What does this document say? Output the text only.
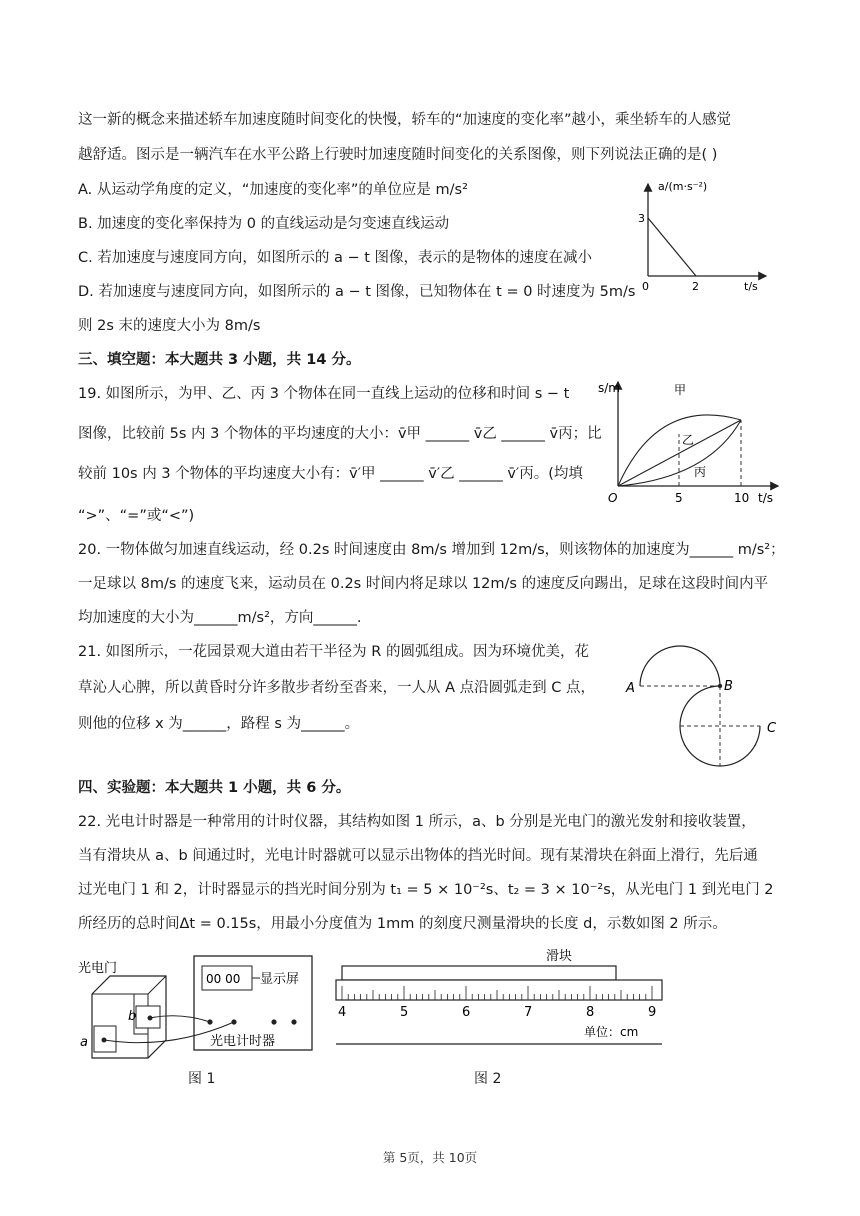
这一新的概念来描述轿车加速度随时间变化的快慢，轿车的“加速度的变化率”越小，乘坐轿车的人感觉
越舒适。图示是一辆汽车在水平公路上行驶时加速度随时间变化的关系图像，则下列说法正确的是( )
A. 从运动学角度的定义，“加速度的变化率”的单位应是 m/s²
B. 加速度的变化率保持为 0 的直线运动是匀变速直线运动
C. 若加速度与速度同方向，如图所示的 a − t 图像，表示的是物体的速度在减小
D. 若加速度与速度同方向，如图所示的 a − t 图像，已知物体在 t = 0 时速度为 5m/s
则 2s 末的速度大小为 8m/s
a/(m·s⁻²)
t/s
0
3
2
三、填空题：本大题共 3 小题，共 14 分。
19. 如图所示，为甲、乙、丙 3 个物体在同一直线上运动的位移和时间 s − t
图像，比较前 5s 内 3 个物体的平均速度的大小：v̄甲 ______ v̄乙 ______ v̄丙；比
较前 10s 内 3 个物体的平均速度大小有：v̄′甲 ______ v̄′乙 ______ v̄′丙。(均填
“>”、“=”或“<”)
s/m
t/s
O	5	10
甲
乙
丙
20. 一物体做匀加速直线运动，经 0.2s 时间速度由 8m/s 增加到 12m/s，则该物体的加速度为______ m/s²；
一足球以 8m/s 的速度飞来，运动员在 0.2s 时间内将足球以 12m/s 的速度反向踢出，足球在这段时间内平
均加速度的大小为______m/s²，方向______.
21. 如图所示，一花园景观大道由若干半径为 R 的圆弧组成。因为环境优美，花
草沁人心脾，所以黄昏时分许多散步者纷至沓来，一人从 A 点沿圆弧走到 C 点，
则他的位移 x 为______，路程 s 为______。
A	B
C
四、实验题：本大题共 1 小题，共 6 分。
22. 光电计时器是一种常用的计时仪器，其结构如图 1 所示，a、b 分别是光电门的激光发射和接收装置，
当有滑块从 a、b 间通过时，光电计时器就可以显示出物体的挡光时间。现有某滑块在斜面上滑行，先后通
过光电门 1 和 2，计时器显示的挡光时间分别为 t₁ = 5 × 10⁻²s、t₂ = 3 × 10⁻²s，从光电门 1 到光电门 2
所经历的总时间Δt = 0.15s，用最小分度值为 1mm 的刻度尺测量滑块的长度 d，示数如图 2 所示。
光电门
00 00 显示屏
光电计时器
a
b
图 1
滑块
单位：cm
4	5	6	7	8	9
图 2
第 5页，共 10页
